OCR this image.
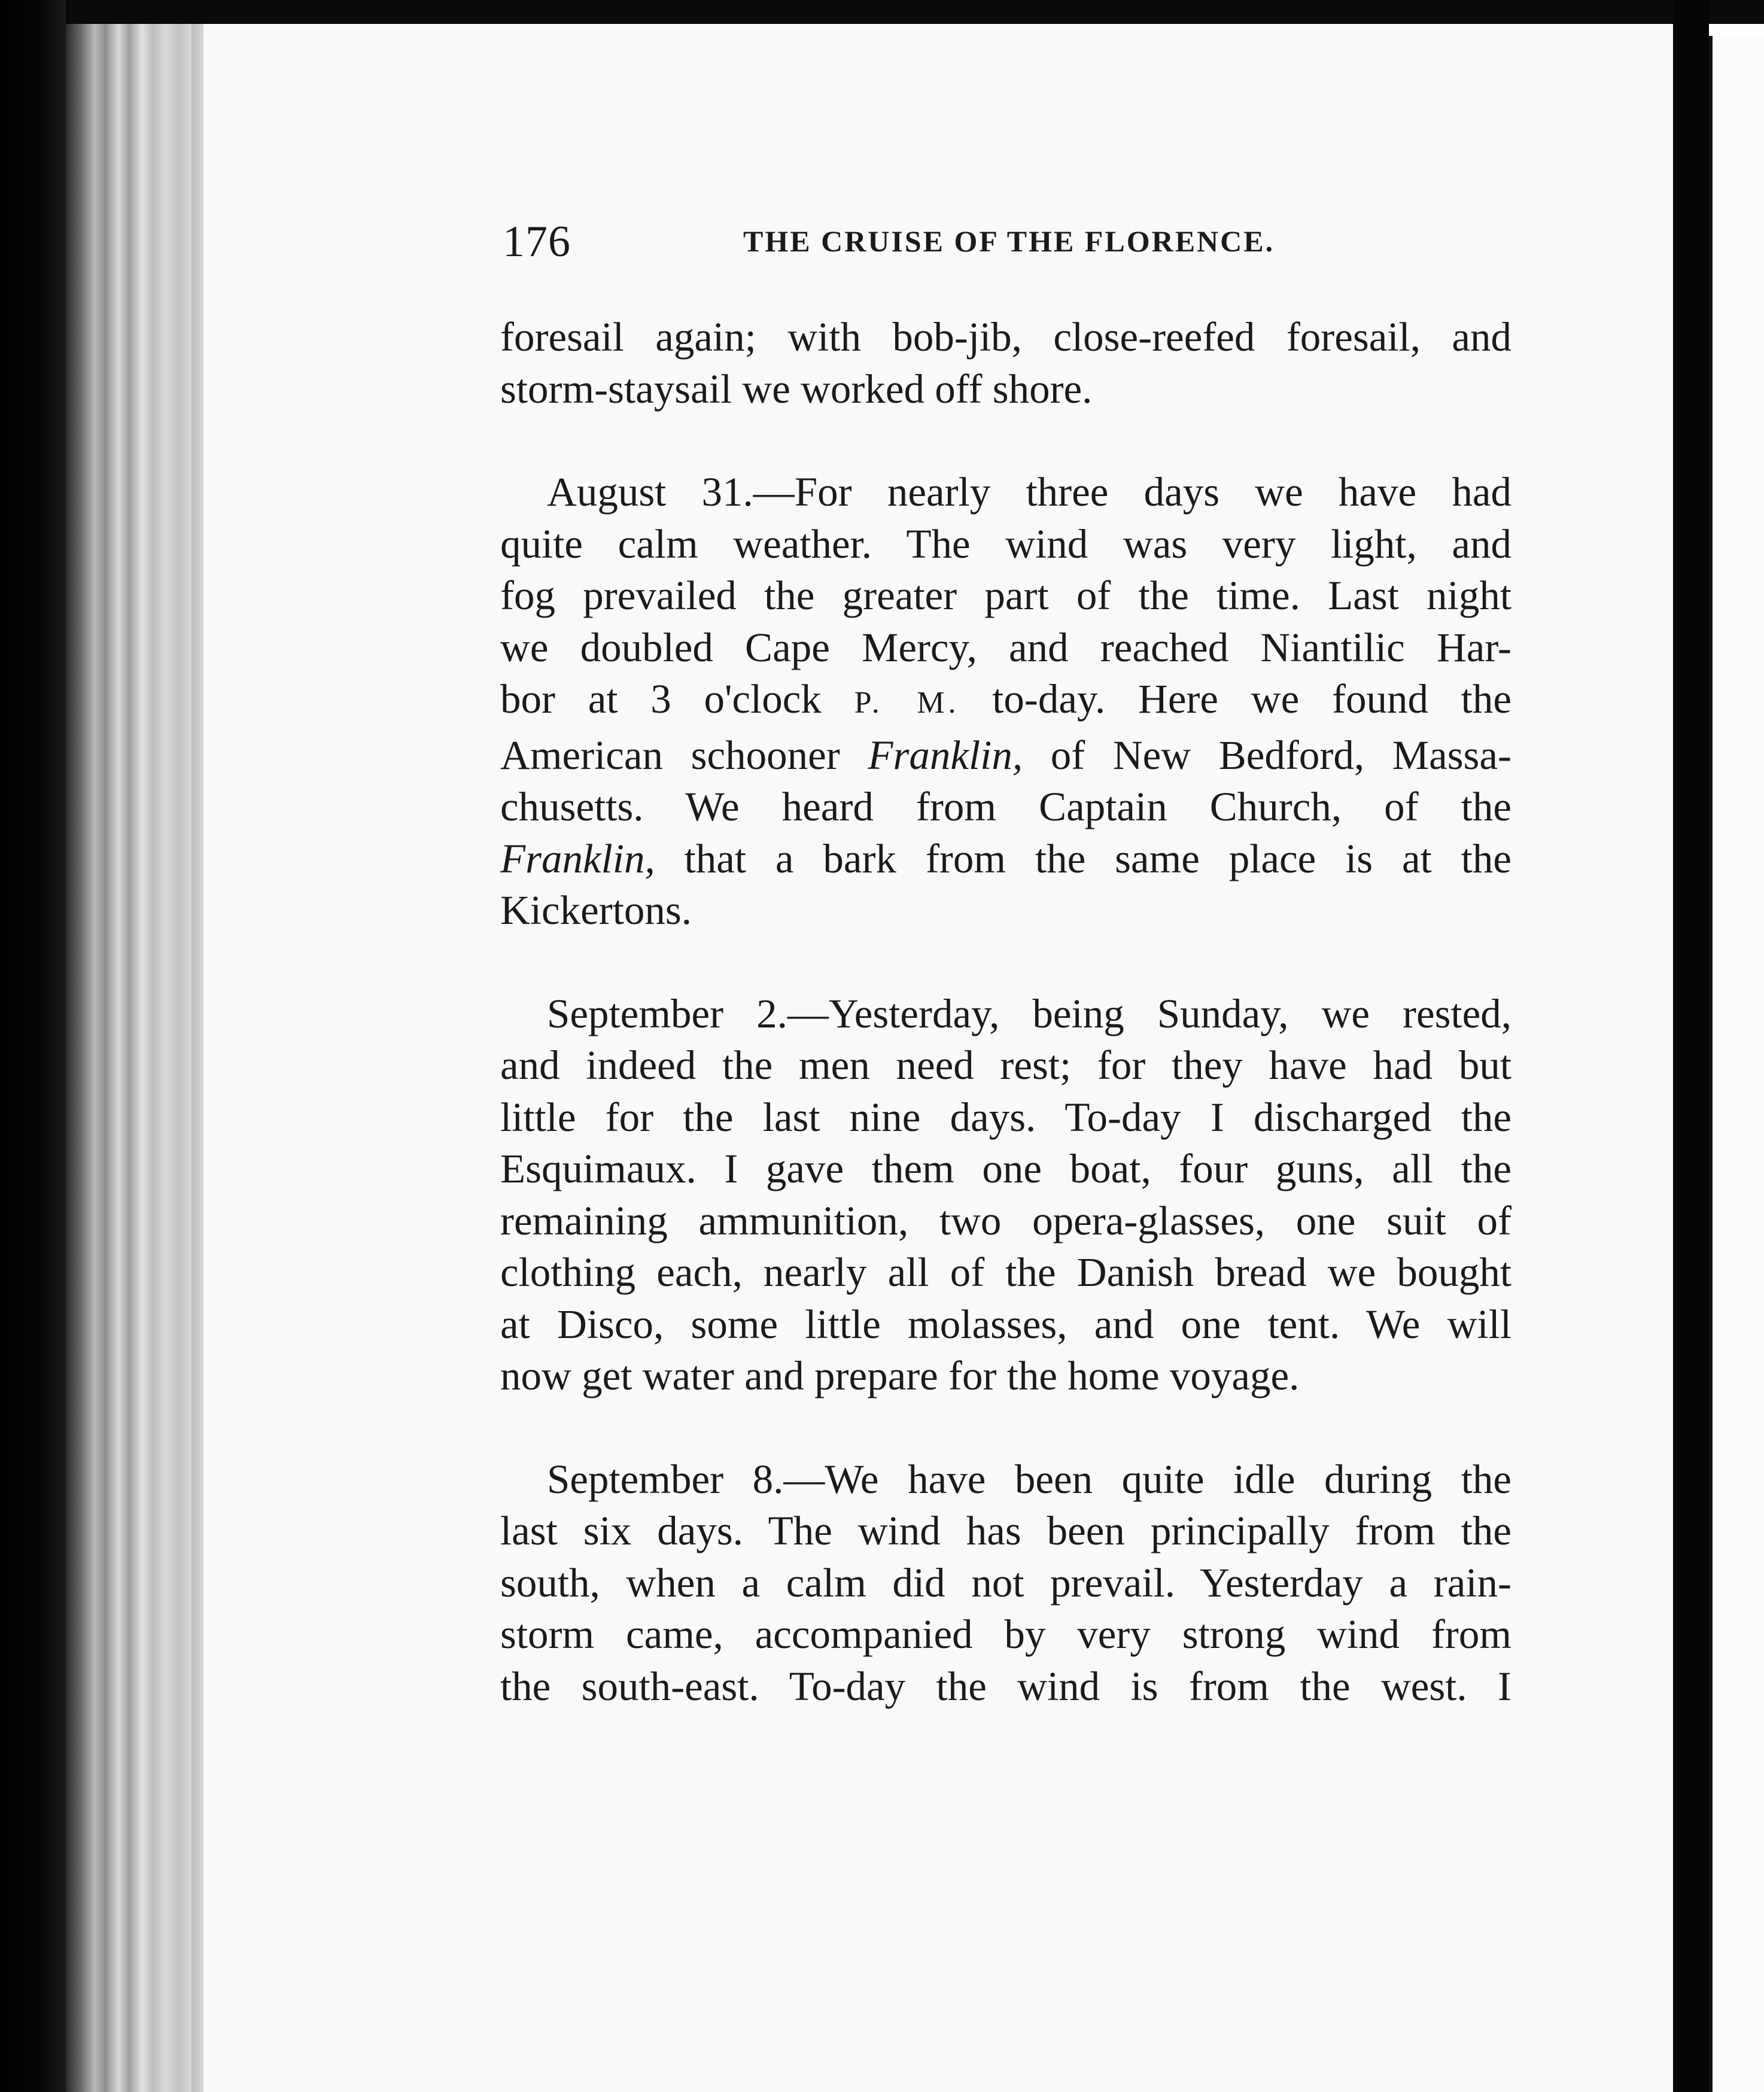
176	THE CRUISE OF THE FLORENCE.

foresail again; with bob-jib, close-reefed foresail, and
storm-staysail we worked off shore.

August 31.—For nearly three days we have had
quite calm weather. The wind was very light, and
fog prevailed the greater part of the time. Last night
we doubled Cape Mercy, and reached Niantilic Har-
bor at 3 o'clock P. M. to-day. Here we found the
American schooner Franklin, of New Bedford, Massa-
chusetts. We heard from Captain Church, of the
Franklin, that a bark from the same place is at the
Kickertons.

September 2.—Yesterday, being Sunday, we rested,
and indeed the men need rest; for they have had but
little for the last nine days. To-day I discharged the
Esquimaux. I gave them one boat, four guns, all the
remaining ammunition, two opera-glasses, one suit of
clothing each, nearly all of the Danish bread we bought
at Disco, some little molasses, and one tent. We will
now get water and prepare for the home voyage.

September 8.—We have been quite idle during the
last six days. The wind has been principally from the
south, when a calm did not prevail. Yesterday a rain-
storm came, accompanied by very strong wind from
the south-east. To-day the wind is from the west. I
